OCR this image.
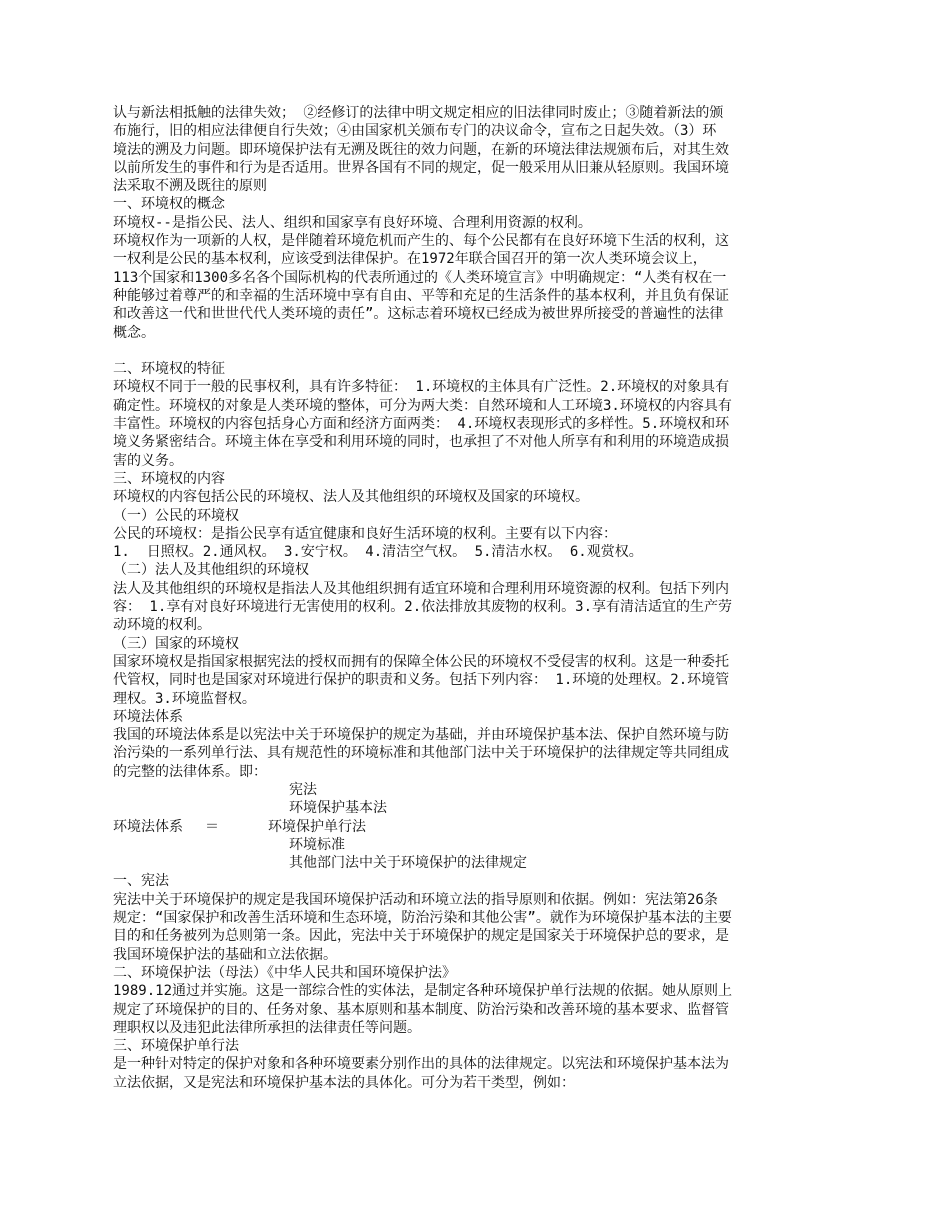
认与新法相抵触的法律失效； ②经修订的法律中明文规定相应的旧法律同时废止；③随着新法的颁
布施行，旧的相应法律便自行失效；④由国家机关颁布专门的决议命令，宣布之日起失效。（3）环
境法的溯及力问题。即环境保护法有无溯及既往的效力问题，在新的环境法律法规颁布后，对其生效
以前所发生的事件和行为是否适用。世界各国有不同的规定，促一般采用从旧兼从轻原则。我国环境
法采取不溯及既往的原则
一、环境权的概念
环境权--是指公民、法人、组织和国家享有良好环境、合理利用资源的权利。
环境权作为一项新的人权，是伴随着环境危机而产生的、每个公民都有在良好环境下生活的权利，这
一权利是公民的基本权利，应该受到法律保护。在1972年联合国召开的第一次人类环境会议上，
113个国家和1300多名各个国际机构的代表所通过的《人类环境宣言》中明确规定：“人类有权在一
种能够过着尊严的和幸福的生活环境中享有自由、平等和充足的生活条件的基本权利，并且负有保证
和改善这一代和世世代代人类环境的责任”。这标志着环境权已经成为被世界所接受的普遍性的法律
概念。
二、环境权的特征
环境权不同于一般的民事权利，具有许多特征： 1.环境权的主体具有广泛性。2.环境权的对象具有
确定性。环境权的对象是人类环境的整体，可分为两大类：自然环境和人工环境3.环境权的内容具有
丰富性。环境权的内容包括身心方面和经济方面两类： 4.环境权表现形式的多样性。5.环境权和环
境义务紧密结合。环境主体在享受和利用环境的同时，也承担了不对他人所享有和利用的环境造成损
害的义务。
三、环境权的内容
环境权的内容包括公民的环境权、法人及其他组织的环境权及国家的环境权。
（一）公民的环境权
公民的环境权：是指公民享有适宜健康和良好生活环境的权利。主要有以下内容：
1.  日照权。2.通风权。 3.安宁权。 4.清洁空气权。 5.清洁水权。 6.观赏权。
（二）法人及其他组织的环境权
法人及其他组织的环境权是指法人及其他组织拥有适宜环境和合理利用环境资源的权利。包括下列内
容： 1.享有对良好环境进行无害使用的权利。2.依法排放其废物的权利。3.享有清洁适宜的生产劳
动环境的权利。
（三）国家的环境权
国家环境权是指国家根据宪法的授权而拥有的保障全体公民的环境权不受侵害的权利。这是一种委托
代管权，同时也是国家对环境进行保护的职责和义务。包括下列内容： 1.环境的处理权。2.环境管
理权。3.环境监督权。
环境法体系
我国的环境法体系是以宪法中关于环境保护的规定为基础，并由环境保护基本法、保护自然环境与防
治污染的一系列单行法、具有规范性的环境标准和其他部门法中关于环境保护的法律规定等共同组成
的完整的法律体系。即：
宪法
环境保护基本法
环境法体系 ＝	环境保护单行法
环境标准
其他部门法中关于环境保护的法律规定
一、宪法
宪法中关于环境保护的规定是我国环境保护活动和环境立法的指导原则和依据。例如：宪法第26条
规定：“国家保护和改善生活环境和生态环境，防治污染和其他公害”。就作为环境保护基本法的主要
目的和任务被列为总则第一条。因此，宪法中关于环境保护的规定是国家关于环境保护总的要求，是
我国环境保护法的基础和立法依据。
二、环境保护法（母法）《中华人民共和国环境保护法》
1989.12通过并实施。这是一部综合性的实体法，是制定各种环境保护单行法规的依据。她从原则上
规定了环境保护的目的、任务对象、基本原则和基本制度、防治污染和改善环境的基本要求、监督管
理职权以及违犯此法律所承担的法律责任等问题。
三、环境保护单行法
是一种针对特定的保护对象和各种环境要素分别作出的具体的法律规定。以宪法和环境保护基本法为
立法依据，又是宪法和环境保护基本法的具体化。可分为若干类型，例如：
